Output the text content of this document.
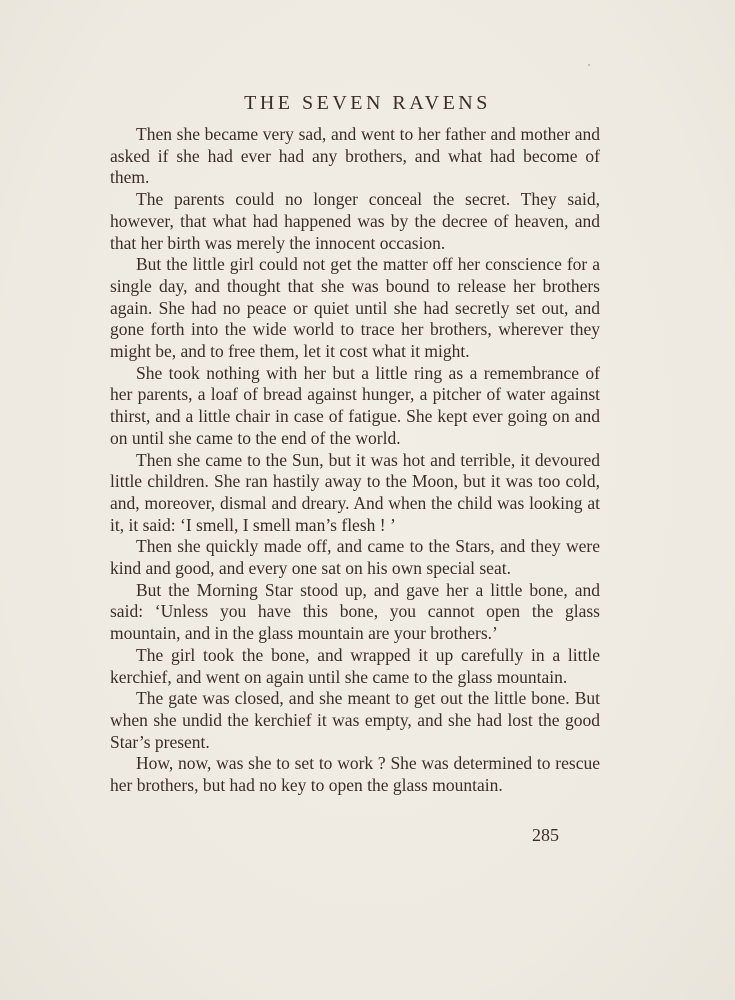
THE SEVEN RAVENS

Then she became very sad, and went to her father and mother and asked if she had ever had any brothers, and what had become of them.

The parents could no longer conceal the secret. They said, however, that what had happened was by the decree of heaven, and that her birth was merely the innocent occasion.

But the little girl could not get the matter off her conscience for a single day, and thought that she was bound to release her brothers again. She had no peace or quiet until she had secretly set out, and gone forth into the wide world to trace her brothers, wherever they might be, and to free them, let it cost what it might.

She took nothing with her but a little ring as a remembrance of her parents, a loaf of bread against hunger, a pitcher of water against thirst, and a little chair in case of fatigue. She kept ever going on and on until she came to the end of the world.

Then she came to the Sun, but it was hot and terrible, it devoured little children. She ran hastily away to the Moon, but it was too cold, and, moreover, dismal and dreary. And when the child was looking at it, it said: ‘I smell, I smell man’s flesh ! ’

Then she quickly made off, and came to the Stars, and they were kind and good, and every one sat on his own special seat.

But the Morning Star stood up, and gave her a little bone, and said: ‘Unless you have this bone, you cannot open the glass mountain, and in the glass mountain are your brothers.’

The girl took the bone, and wrapped it up carefully in a little kerchief, and went on again until she came to the glass mountain.

The gate was closed, and she meant to get out the little bone. But when she undid the kerchief it was empty, and she had lost the good Star’s present.

How, now, was she to set to work ? She was determined to rescue her brothers, but had no key to open the glass mountain.

285
